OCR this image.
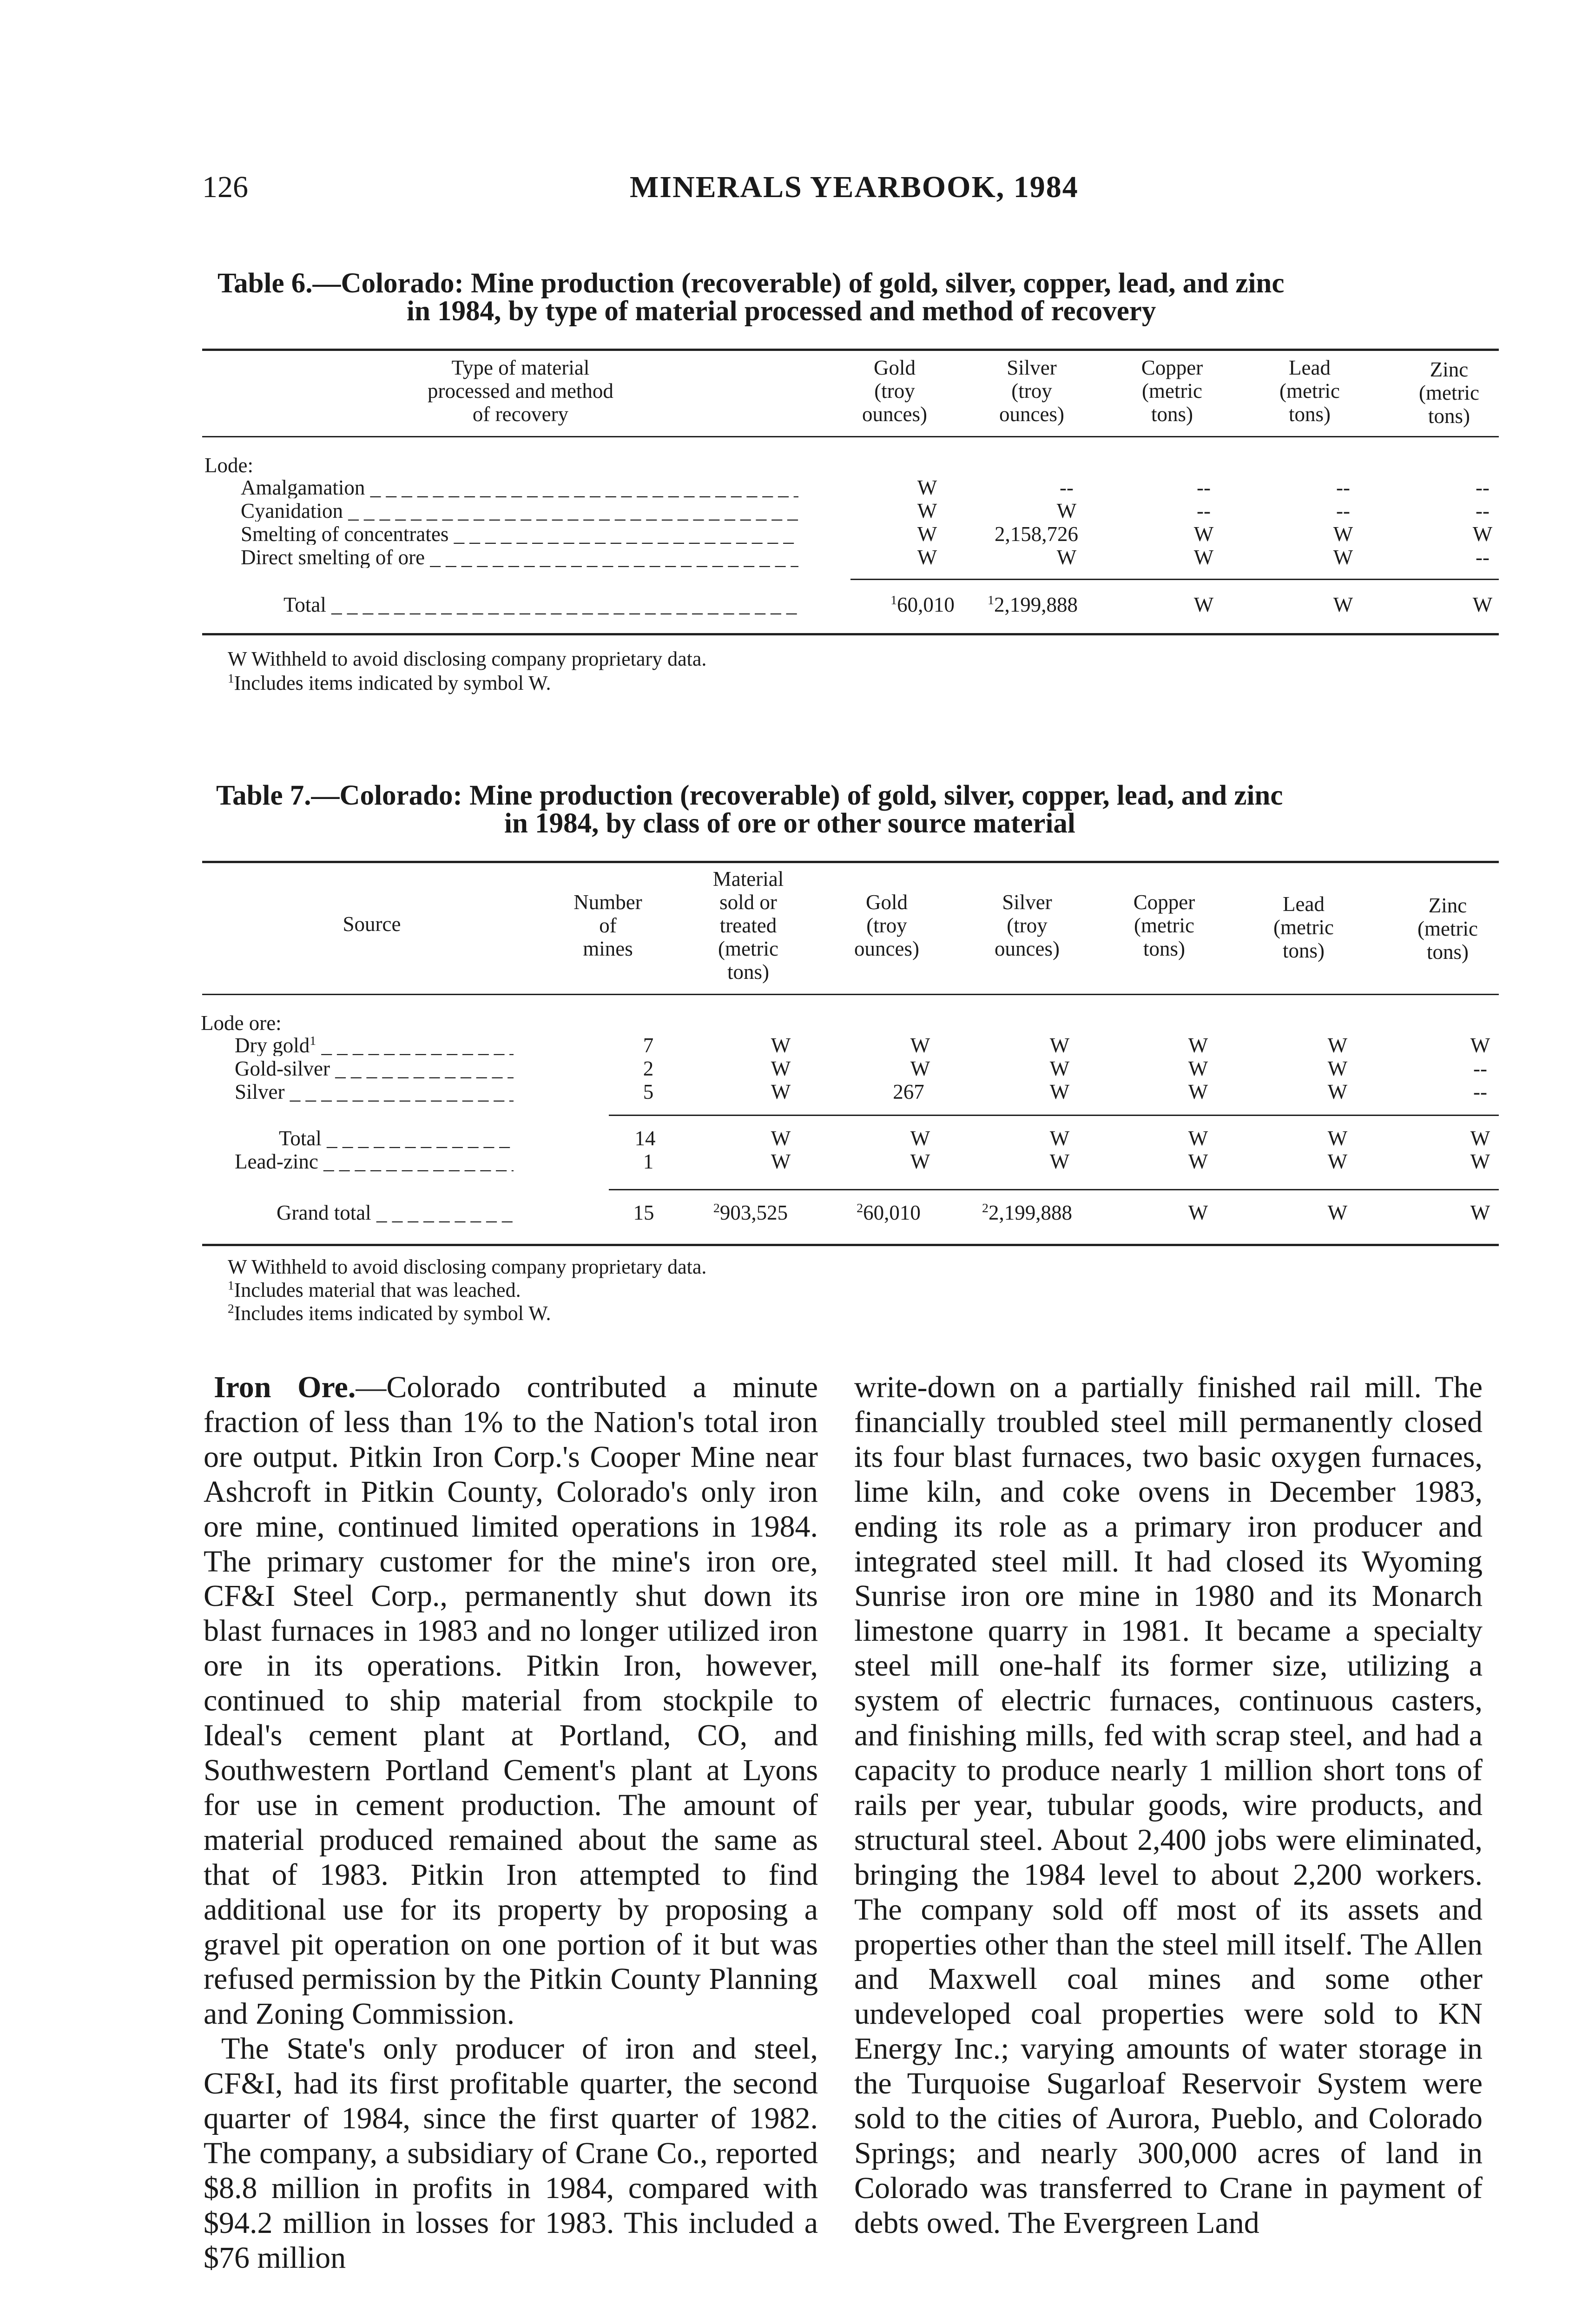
126	MINERALS YEARBOOK, 1984
Table 6.—Colorado: Mine production (recoverable) of gold, silver, copper, lead, and zinc
in 1984, by type of material processed and method of recovery
Type of material
processed and method
of recovery
Gold
(troy
ounces)
Silver
(troy
ounces)
Copper
(metric
tons)
Lead
(metric
tons)
Zinc
(metric
tons)
Lode:
Amalgamation _ _ _	W	--	--	--	--
Cyanidation _ _ _	W	W	--	--	--
Smelting of concentrates _ _ _	W	2,158,726	W	W	W
Direct smelting of ore _ _ _	W	W	W	W	--
Total _ _ _	$^1$60,010	$^1$2,199,888	W	W	W
W Withheld to avoid disclosing company proprietary data.
$^1$Includes items indicated by symbol W.
Table 7.—Colorado: Mine production (recoverable) of gold, silver, copper, lead, and zinc
in 1984, by class of ore or other source material
Source
Number
of
mines
Material
sold or
treated
(metric
tons)
Gold
(troy
ounces)
Silver
(troy
ounces)
Copper
(metric
tons)
Lead
(metric
tons)
Zinc
(metric
tons)
Lode ore:
Dry gold$^1$ _ _ _	7	W	W	W	W	W	W
Gold-silver _ _ _	2	W	W	W	W	W	--
Silver _ _ _	5	W	267	W	W	W	--
Total _ _ _	14	W	W	W	W	W	W
Lead-zinc _ _ _	1	W	W	W	W	W	W
Grand total _ _ _	15	$^2$903,525	$^2$60,010	$^2$2,199,888	W	W	W
W Withheld to avoid disclosing company proprietary data.
$^1$Includes material that was leached.
$^2$Includes items indicated by symbol W.

Iron Ore.—Colorado contributed a minute fraction of less than 1% to the Nation's total iron ore output. Pitkin Iron Corp.'s Cooper Mine near Ashcroft in Pitkin County, Colorado's only iron ore mine, continued limited operations in 1984. The primary customer for the mine's iron ore, CF&I Steel Corp., permanently shut down its blast furnaces in 1983 and no longer utilized iron ore in its operations. Pitkin Iron, however, continued to ship material from stockpile to Ideal's cement plant at Portland, CO, and Southwestern Portland Cement's plant at Lyons for use in cement production. The amount of material produced remained about the same as that of 1983. Pitkin Iron attempted to find additional use for its property by proposing a gravel pit operation on one portion of it but was refused permission by the Pitkin County Planning and Zoning Commission.

The State's only producer of iron and steel, CF&I, had its first profitable quarter, the second quarter of 1984, since the first quarter of 1982. The company, a subsidiary of Crane Co., reported $8.8 million in profits in 1984, compared with $94.2 million in losses for 1983. This included a $76 million

write-down on a partially finished rail mill. The financially troubled steel mill permanently closed its four blast furnaces, two basic oxygen furnaces, lime kiln, and coke ovens in December 1983, ending its role as a primary iron producer and integrated steel mill. It had closed its Wyoming Sunrise iron ore mine in 1980 and its Monarch limestone quarry in 1981. It became a specialty steel mill one-half its former size, utilizing a system of electric furnaces, continuous casters, and finishing mills, fed with scrap steel, and had a capacity to produce nearly 1 million short tons of rails per year, tubular goods, wire products, and structural steel. About 2,400 jobs were eliminated, bringing the 1984 level to about 2,200 workers. The company sold off most of its assets and properties other than the steel mill itself. The Allen and Maxwell coal mines and some other undeveloped coal properties were sold to KN Energy Inc.; varying amounts of water storage in the Turquoise Sugarloaf Reservoir System were sold to the cities of Aurora, Pueblo, and Colorado Springs; and nearly 300,000 acres of land in Colorado was transferred to Crane in payment of debts owed. The Evergreen Land
